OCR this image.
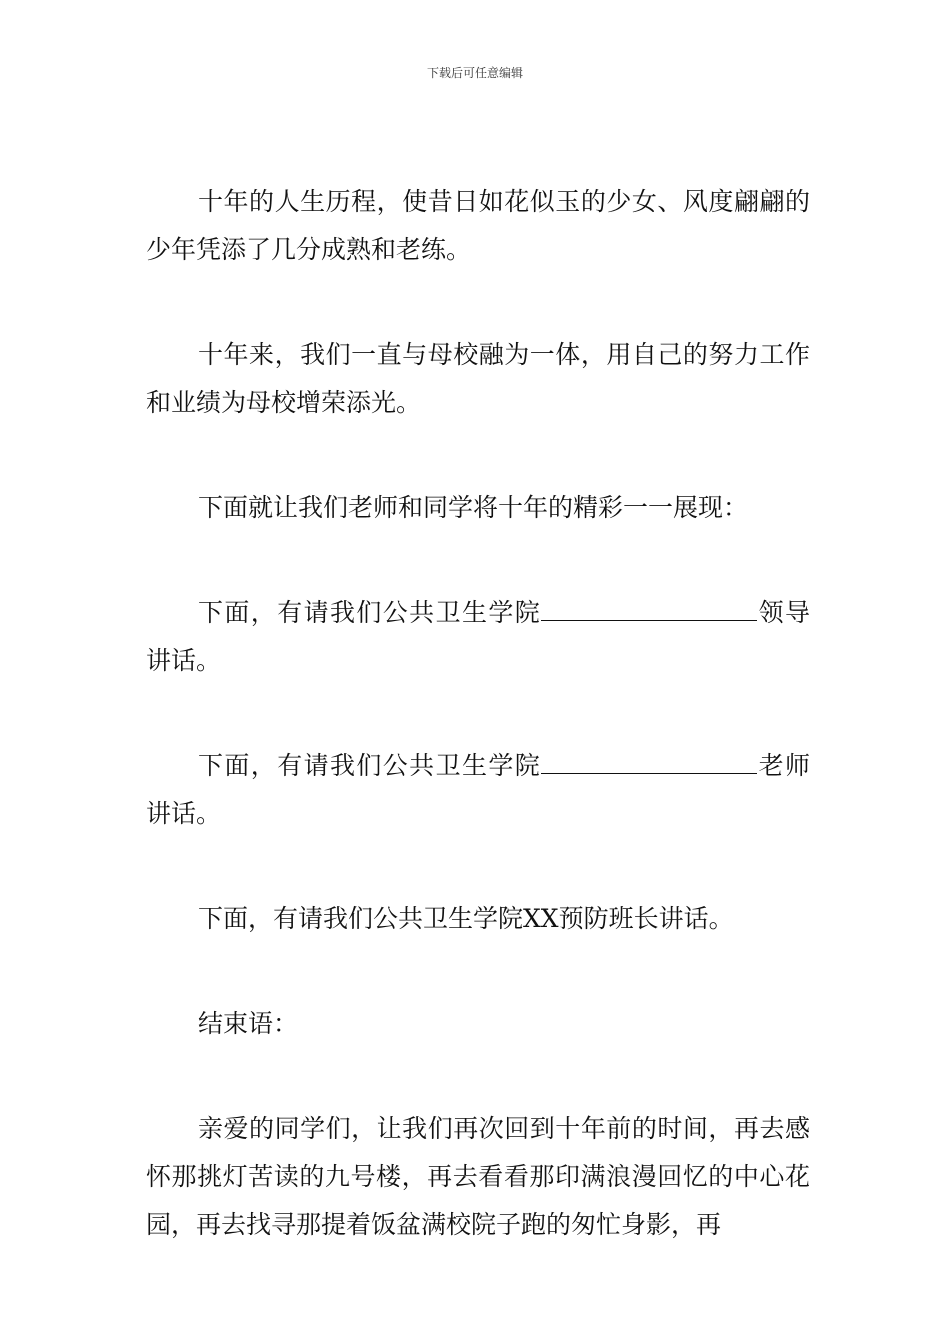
下载后可任意编辑

十年的人生历程，使昔日如花似玉的少女、风度翩翩的少年凭添了几分成熟和老练。

十年来，我们一直与母校融为一体，用自己的努力工作和业绩为母校增荣添光。

下面就让我们老师和同学将十年的精彩一一展现：

下面，有请我们公共卫生学院	领导讲话。

下面，有请我们公共卫生学院	老师讲话。

下面，有请我们公共卫生学院XX预防班长讲话。

结束语：

亲爱的同学们，让我们再次回到十年前的时间，再去感怀那挑灯苦读的九号楼，再去看看那印满浪漫回忆的中心花园，再去找寻那提着饭盆满校院子跑的匆忙身影，再
